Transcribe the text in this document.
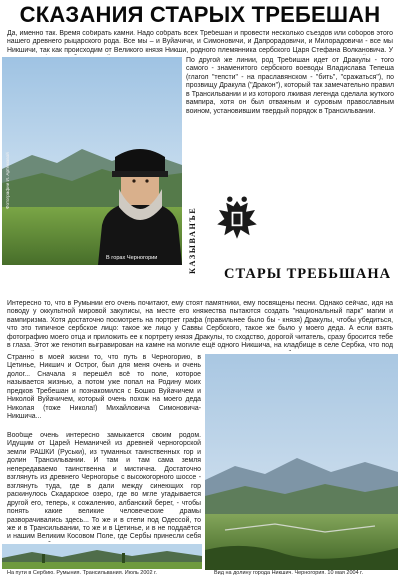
СКАЗАНИЯ СТАРЫХ ТРЕБЕШАН

Да, именно так. Время собирать камни. Надо собрать всех Требешан и провести несколько съездов или соборов этого нашего древнего рыцарского рода. Все мы – и Вуйачичи, и Симоновичи, и Дапрорадовичи, и Милорадовичи - все мы Никшичи, так как происходим от Великого князя Никши, родного племянника сербского Царя Стефана Волкановича. У

Фотографии И. Артемовой
В горах Черногории

По другой же линии, род Требишан идет от Дракулы - того самого - знаменитого сербского воеводы Владислава Тепеша (глагол "тепсти" - на праславянском - "бить", "сражаться"), по прозвищу Дракула ("Дракон"), который так замечательно правил в Трансильвании и из которого лживая легенда сделала жуткого вампира, хотя он был отважным и суровым православным воином, установившим твердый порядок в Трансильвании.

КАЗЫВАНЪЕ
СТАРЫ ТРЕБЬШАНА

Интересно то, что в Румынии его очень почитают, ему стоят памятники, ему посвящены песни. Однако сейчас, идя на поводу у оккультной мировой закулисы, на месте его княжества пытаются создать "национальный парк" магии и вампиризма. Хотя достаточно посмотреть на портрет графа (правильнее было бы - князя) Дракулы, чтобы убедиться, что это типичное сербское лицо: такое же лицо у Саввы Сербского, такое же было у моего деда. А если взять фотографию моего отца и приложить ее к портрету князя Дракулы, то сходство, дорогой читатель, сразу бросится тебе в глаза. Этот же генотип выгравирован на камне на могиле ещё одного Никшича, на кладбище в селе Сербка, что под

Странно в моей жизни то, что путь в Черногорию, в Цетинье, Никшич и Острог, был для меня очень и очень долог... Сначала я перешёл всё то поле, которое называется жизнью, а потом уже попал на Родину моих предков Требешан и познакомился с Бошко Вуйачичем и Николой Вуйачичем, который очень похож на моего деда Николая (тоже Никола!) Михайловича Симоновича-Никшича...

Вообще очень интересно замыкается своим родом. Идущим от Царей Неманичей из древней черногорской земли РАШКИ (Руськи), из туманных таинственных гор и долин Трансильвании. И там и там сама земля непередаваемо таинственна и мистична. Достаточно взглянуть из древнего Черногорье с высокогорного шоссе - взглянуть туда, где в дали между синеющих гор раскинулось Скадарское озеро, где во мгле угадывается другой его, теперь, к сожалению, албанский берег, - чтобы понять какие великие человеческие драмы разворачивались здесь... То же и в степи под Одессой, то же и в Трансильвании, то же и в Цетинье, и в не поддаётся и нашим Великим Косовом Поле, где Сербы принесли себя

На пути в Сербию. Румыния. Трансильвания. Июль 2002 г.	Вид на долину города Никшич. Черногория. 10 мая 2004 г.
